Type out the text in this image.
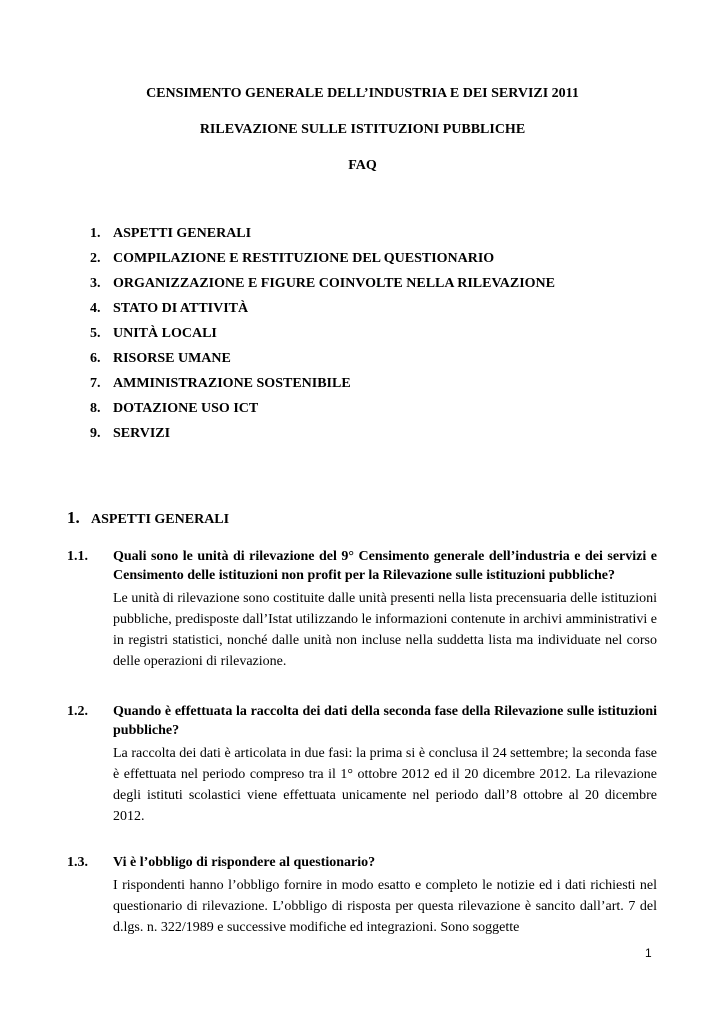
CENSIMENTO GENERALE DELL’INDUSTRIA E DEI SERVIZI 2011
RILEVAZIONE SULLE ISTITUZIONI PUBBLICHE
FAQ
1. ASPETTI GENERALI
2. COMPILAZIONE E RESTITUZIONE DEL QUESTIONARIO
3. ORGANIZZAZIONE E FIGURE COINVOLTE NELLA RILEVAZIONE
4. STATO DI ATTIVITÀ
5. UNITÀ LOCALI
6. RISORSE UMANE
7. AMMINISTRAZIONE SOSTENIBILE
8. DOTAZIONE USO ICT
9. SERVIZI
1. ASPETTI GENERALI
1.1. Quali sono le unità di rilevazione del 9° Censimento generale dell’industria e dei servizi e Censimento delle istituzioni non profit per la Rilevazione sulle istituzioni pubbliche?
Le unità di rilevazione sono costituite dalle unità presenti nella lista precensuaria delle istituzioni pubbliche, predisposte dall’Istat utilizzando le informazioni contenute in archivi amministrativi e in registri statistici, nonché dalle unità non incluse nella suddetta lista ma individuate nel corso delle operazioni di rilevazione.
1.2. Quando è effettuata la raccolta dei dati della seconda fase della Rilevazione sulle istituzioni pubbliche?
La raccolta dei dati è articolata in due fasi: la prima si è conclusa il 24 settembre; la seconda fase è effettuata nel periodo compreso tra il 1° ottobre 2012 ed il 20 dicembre 2012. La rilevazione degli istituti scolastici viene effettuata unicamente nel periodo dall’8 ottobre al 20 dicembre 2012.
1.3. Vi è l’obbligo di rispondere al questionario?
I rispondenti hanno l’obbligo fornire in modo esatto e completo le notizie ed i dati richiesti nel questionario di rilevazione. L’obbligo di risposta per questa rilevazione è sancito dall’art. 7 del d.lgs. n. 322/1989 e successive modifiche ed integrazioni. Sono soggette
1
